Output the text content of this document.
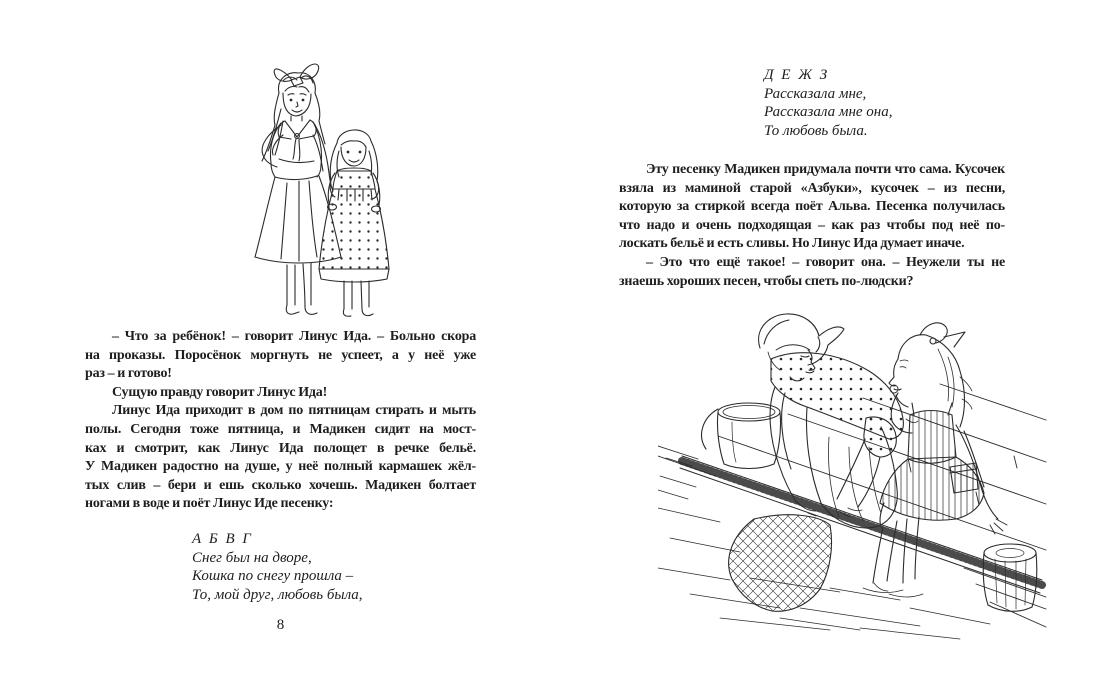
– Что за ребёнок! – говорит Линус Ида. – Больно скора
на проказы. Поросёнок моргнуть не успеет, а у неё уже
раз – и готово!
Сущую правду говорит Линус Ида!
Линус Ида приходит в дом по пятницам стирать и мыть
полы. Сегодня тоже пятница, и Мадикен сидит на мост-
ках и смотрит, как Линус Ида полощет в речке бельё.
У Мадикен радостно на душе, у неё полный кармашек жёл-
тых слив – бери и ешь сколько хочешь. Мадикен болтает
ногами в воде и поёт Линус Иде песенку:
А Б В Г
Снег был на дворе,
Кошка по снегу прошла –
То, мой друг, любовь была,
8
Д Е Ж З
Рассказала мне,
Рассказала мне она,
То любовь была.
Эту песенку Мадикен придумала почти что сама. Кусочек
взяла из маминой старой «Азбуки», кусочек – из песни,
которую за стиркой всегда поёт Альва. Песенка получилась
что надо и очень подходящая – как раз чтобы под неё по-
лоскать бельё и есть сливы. Но Линус Ида думает иначе.
– Это что ещё такое! – говорит она. – Неужели ты не
знаешь хороших песен, чтобы спеть по-людски?
